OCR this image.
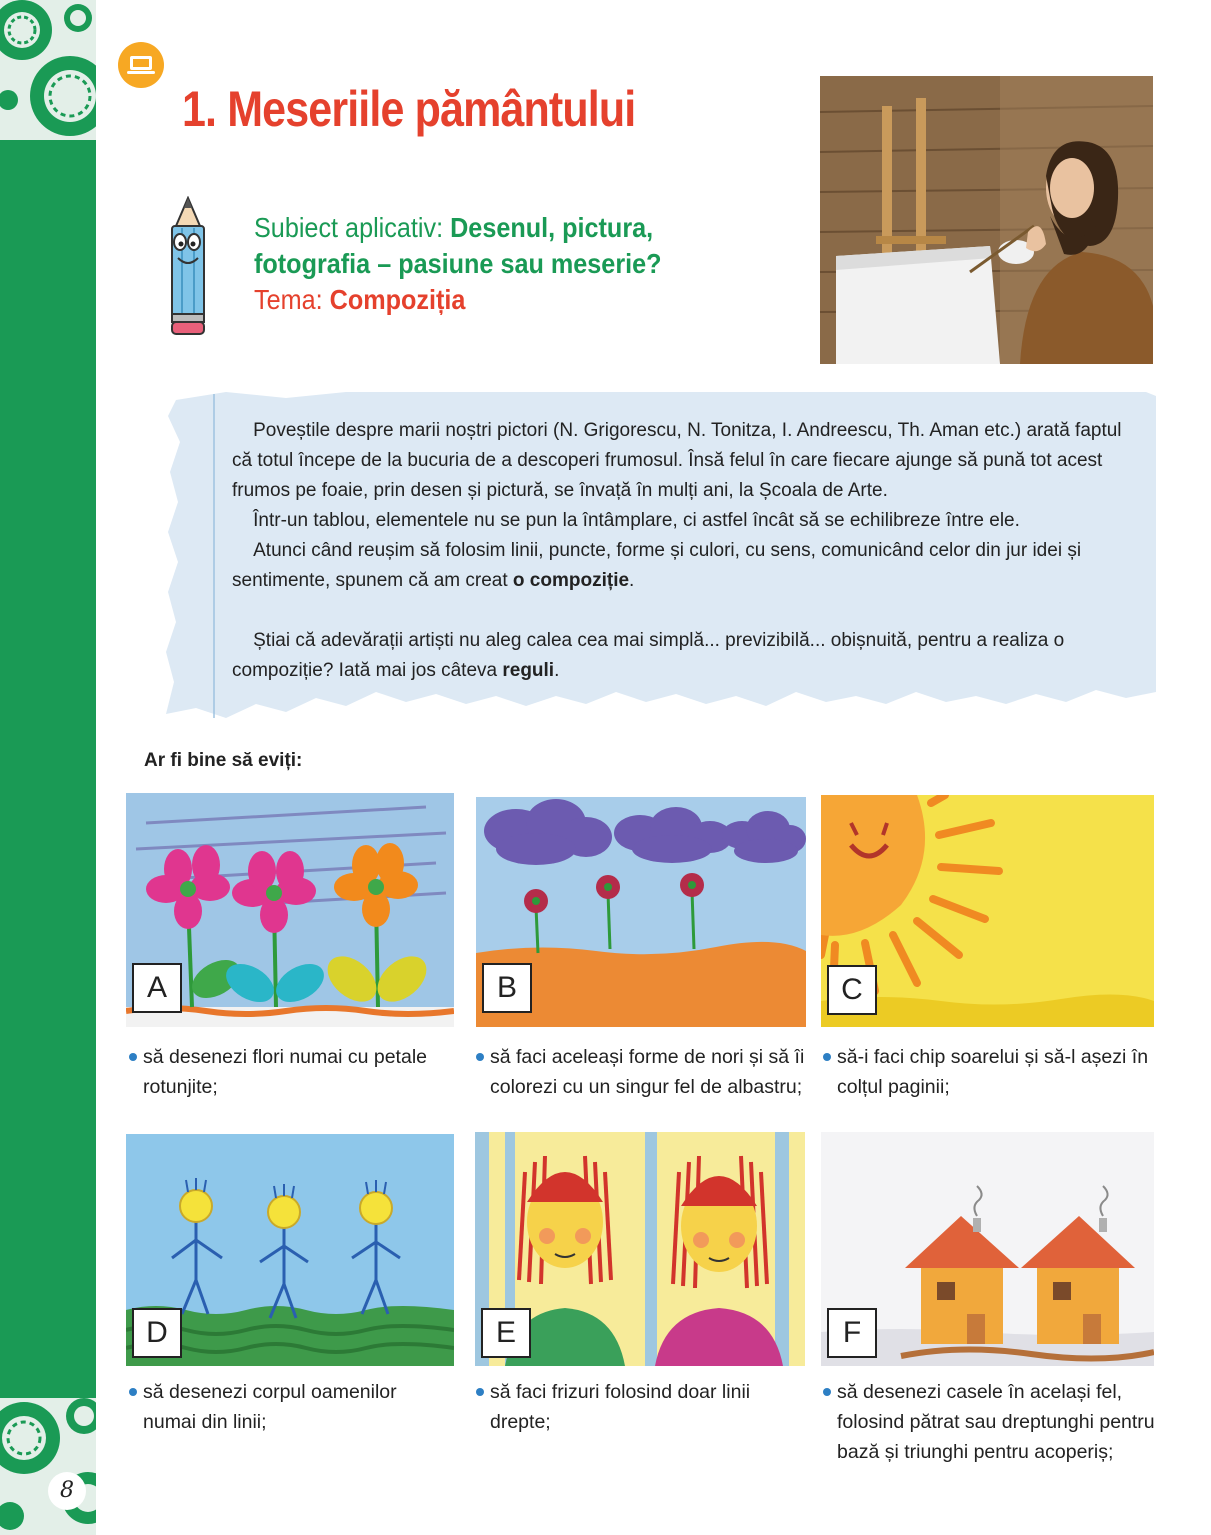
8
1. Meseriile pământului
Subiect aplicativ: Desenul, pictura,
fotografia – pasiune sau meserie?
Tema: Compoziția

Poveștile despre marii noștri pictori (N. Grigorescu, N. Tonitza, I. Andreescu, Th. Aman etc.) arată faptul că totul începe de la bucuria de a descoperi frumosul. Însă felul în care fiecare ajunge să pună tot acest frumos pe foaie, prin desen și pictură, se învață în mulți ani, la Școala de Arte.

Într-un tablou, elementele nu se pun la întâmplare, ci astfel încât să se echilibreze între ele.

Atunci când reușim să folosim linii, puncte, forme și culori, cu sens, comunicând celor din jur idei și sentimente, spunem că am creat o compoziție.

Știai că adevărații artiști nu aleg calea cea mai simplă... previzibilă... obișnuită, pentru a realiza o compoziție? Iată mai jos câteva reguli.

Ar fi bine să eviți:
A
să desenezi flori numai cu petale rotunjite;
B
să faci aceleași forme de nori și să îi colorezi cu un singur fel de albastru;
C
să-i faci chip soarelui și să-l așezi în colțul paginii;
D
să desenezi corpul oamenilor numai din linii;
E
să faci frizuri folosind doar linii drepte;
F
să desenezi casele în același fel, folosind pătrat sau dreptunghi pentru bază și triunghi pentru acoperiș;
